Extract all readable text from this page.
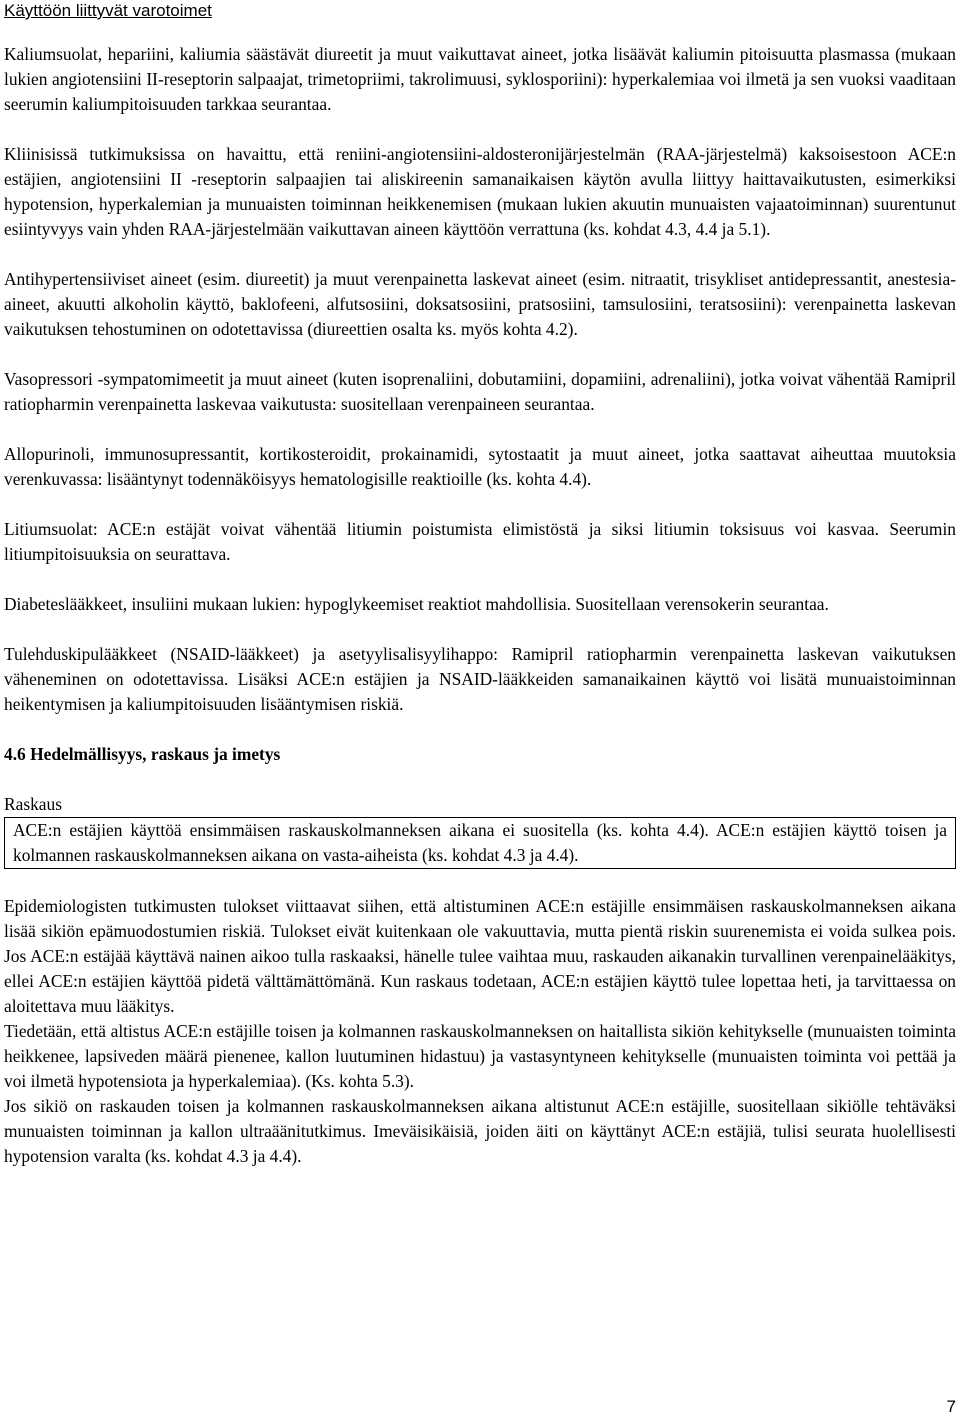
Käyttöön liittyvät varotoimet

Kaliumsuolat, hepariini, kaliumia säästävät diureetit ja muut vaikuttavat aineet, jotka lisäävät kaliumin pitoisuutta plasmassa (mukaan lukien angiotensiini II-reseptorin salpaajat, trimetopriimi, takrolimuusi, syklosporiini): hyperkalemiaa voi ilmetä ja sen vuoksi vaaditaan seerumin kaliumpitoisuuden tarkkaa seurantaa.

Kliinisissä tutkimuksissa on havaittu, että reniini-angiotensiini-aldosteronijärjestelmän (RAA-järjestelmä) kaksoisestoon ACE:n estäjien, angiotensiini II -reseptorin salpaajien tai aliskireenin samanaikaisen käytön avulla liittyy haittavaikutusten, esimerkiksi hypotension, hyperkalemian ja munuaisten toiminnan heikkenemisen (mukaan lukien akuutin munuaisten vajaatoiminnan) suurentunut esiintyvyys vain yhden RAA-järjestelmään vaikuttavan aineen käyttöön verrattuna (ks. kohdat 4.3, 4.4 ja 5.1).

Antihypertensiiviset aineet (esim. diureetit) ja muut verenpainetta laskevat aineet (esim. nitraatit, trisykliset antidepressantit, anestesia-aineet, akuutti alkoholin käyttö, baklofeeni, alfutsosiini, doksatsosiini, pratsosiini, tamsulosiini, teratsosiini): verenpainetta laskevan vaikutuksen tehostuminen on odotettavissa (diureettien osalta ks. myös kohta 4.2).

Vasopressori -sympatomimeetit ja muut aineet (kuten isoprenaliini, dobutamiini, dopamiini, adrenaliini), jotka voivat vähentää Ramipril ratiopharmin verenpainetta laskevaa vaikutusta: suositellaan verenpaineen seurantaa.

Allopurinoli, immunosupressantit, kortikosteroidit, prokainamidi, sytostaatit ja muut aineet, jotka saattavat aiheuttaa muutoksia verenkuvassa: lisääntynyt todennäköisyys hematologisille reaktioille (ks. kohta 4.4).

Litiumsuolat: ACE:n estäjät voivat vähentää litiumin poistumista elimistöstä ja siksi litiumin toksisuus voi kasvaa. Seerumin litiumpitoisuuksia on seurattava.

Diabeteslääkkeet, insuliini mukaan lukien: hypoglykeemiset reaktiot mahdollisia. Suositellaan verensokerin seurantaa.

Tulehduskipulääkkeet (NSAID-lääkkeet) ja asetyylisalisyylihappo: Ramipril ratiopharmin verenpainetta laskevan vaikutuksen väheneminen on odotettavissa. Lisäksi ACE:n estäjien ja NSAID-lääkkeiden samanaikainen käyttö voi lisätä munuaistoiminnan heikentymisen ja kaliumpitoisuuden lisääntymisen riskiä.

4.6 Hedelmällisyys, raskaus ja imetys

Raskaus

ACE:n estäjien käyttöä ensimmäisen raskauskolmanneksen aikana ei suositella (ks. kohta 4.4). ACE:n estäjien käyttö toisen ja kolmannen raskauskolmanneksen aikana on vasta-aiheista (ks. kohdat 4.3 ja 4.4).

Epidemiologisten tutkimusten tulokset viittaavat siihen, että altistuminen ACE:n estäjille ensimmäisen raskauskolmanneksen aikana lisää sikiön epämuodostumien riskiä. Tulokset eivät kuitenkaan ole vakuuttavia, mutta pientä riskin suurenemista ei voida sulkea pois. Jos ACE:n estäjää käyttävä nainen aikoo tulla raskaaksi, hänelle tulee vaihtaa muu, raskauden aikanakin turvallinen verenpainelääkitys, ellei ACE:n estäjien käyttöä pidetä välttämättömänä. Kun raskaus todetaan, ACE:n estäjien käyttö tulee lopettaa heti, ja tarvittaessa on aloitettava muu lääkitys.

Tiedetään, että altistus ACE:n estäjille toisen ja kolmannen raskauskolmanneksen on haitallista sikiön kehitykselle (munuaisten toiminta heikkenee, lapsiveden määrä pienenee, kallon luutuminen hidastuu) ja vastasyntyneen kehitykselle (munuaisten toiminta voi pettää ja voi ilmetä hypotensiota ja hyperkalemiaa). (Ks. kohta 5.3).

Jos sikiö on raskauden toisen ja kolmannen raskauskolmanneksen aikana altistunut ACE:n estäjille, suositellaan sikiölle tehtäväksi munuaisten toiminnan ja kallon ultraäänitutkimus. Imeväisikäisiä, joiden äiti on käyttänyt ACE:n estäjiä, tulisi seurata huolellisesti hypotension varalta (ks. kohdat 4.3 ja 4.4).

7
